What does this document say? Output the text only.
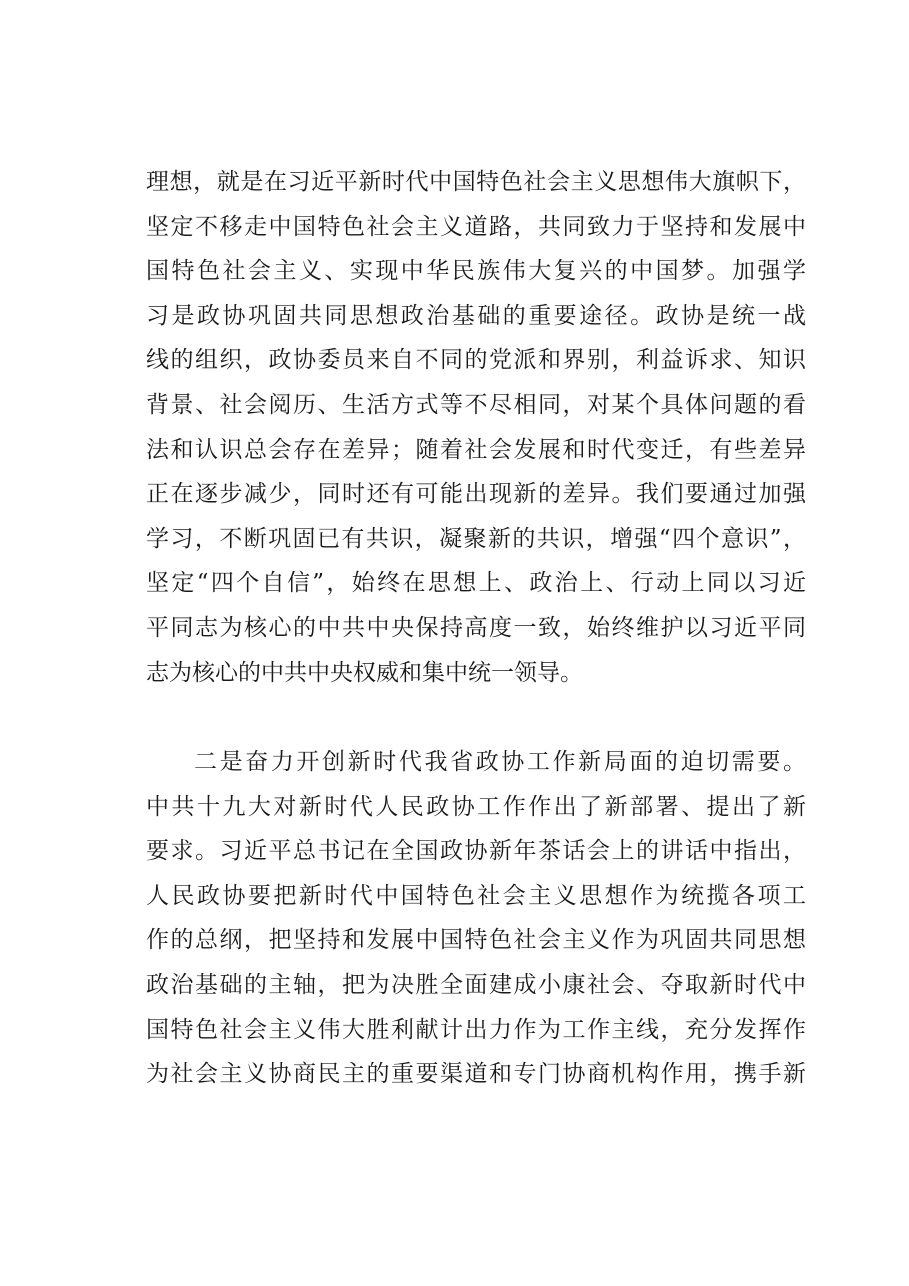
理想，就是在习近平新时代中国特色社会主义思想伟大旗帜下，
坚定不移走中国特色社会主义道路，共同致力于坚持和发展中
国特色社会主义、实现中华民族伟大复兴的中国梦。加强学
习是政协巩固共同思想政治基础的重要途径。政协是统一战
线的组织，政协委员来自不同的党派和界别，利益诉求、知识
背景、社会阅历、生活方式等不尽相同，对某个具体问题的看
法和认识总会存在差异；随着社会发展和时代变迁，有些差异
正在逐步减少，同时还有可能出现新的差异。我们要通过加强
学习，不断巩固已有共识，凝聚新的共识，增强“四个意识”，
坚定“四个自信”，始终在思想上、政治上、行动上同以习近
平同志为核心的中共中央保持高度一致，始终维护以习近平同
志为核心的中共中央权威和集中统一领导。
二是奋力开创新时代我省政协工作新局面的迫切需要。
中共十九大对新时代人民政协工作作出了新部署、提出了新
要求。习近平总书记在全国政协新年茶话会上的讲话中指出，
人民政协要把新时代中国特色社会主义思想作为统揽各项工
作的总纲，把坚持和发展中国特色社会主义作为巩固共同思想
政治基础的主轴，把为决胜全面建成小康社会、夺取新时代中
国特色社会主义伟大胜利献计出力作为工作主线，充分发挥作
为社会主义协商民主的重要渠道和专门协商机构作用，携手新
